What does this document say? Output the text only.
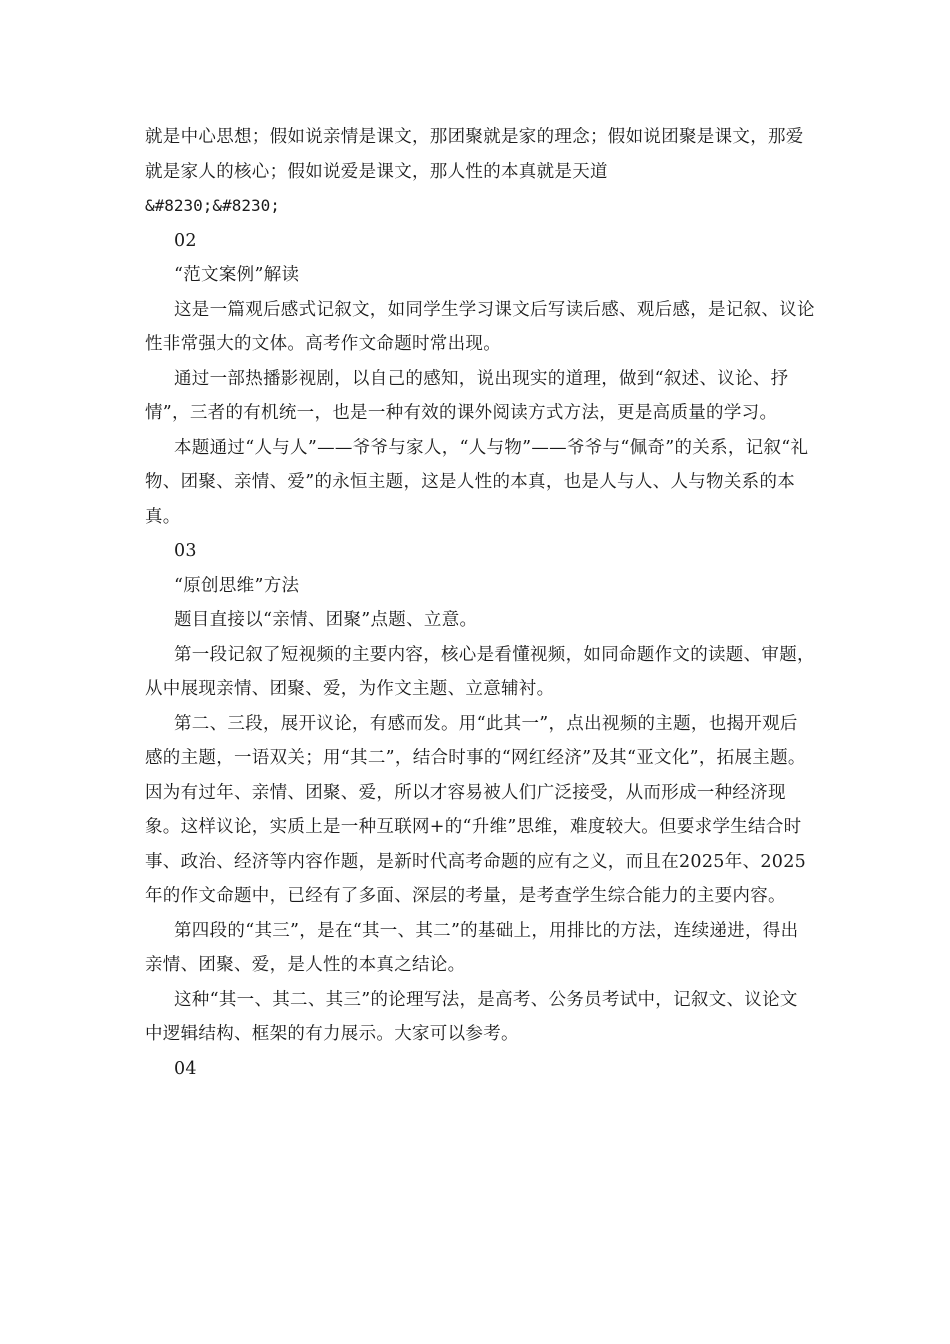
就是中心思想；假如说亲情是课文，那团聚就是家的理念；假如说团聚是课文，那爱就是家人的核心；假如说爱是课文，那人性的本真就是天道

&#8230;&#8230;

02

“范文案例”解读

这是一篇观后感式记叙文，如同学生学习课文后写读后感、观后感，是记叙、议论性非常强大的文体。高考作文命题时常出现。

通过一部热播影视剧，以自己的感知，说出现实的道理，做到“叙述、议论、抒情”，三者的有机统一，也是一种有效的课外阅读方式方法，更是高质量的学习。

本题通过“人与人”——爷爷与家人，“人与物”——爷爷与“佩奇”的关系，记叙“礼物、团聚、亲情、爱”的永恒主题，这是人性的本真，也是人与人、人与物关系的本真。

03

“原创思维”方法

题目直接以“亲情、团聚”点题、立意。

第一段记叙了短视频的主要内容，核心是看懂视频，如同命题作文的读题、审题，从中展现亲情、团聚、爱，为作文主题、立意辅衬。

第二、三段，展开议论，有感而发。用“此其一”，点出视频的主题，也揭开观后感的主题，一语双关；用“其二”，结合时事的“网红经济”及其“亚文化”，拓展主题。因为有过年、亲情、团聚、爱，所以才容易被人们广泛接受，从而形成一种经济现象。这样议论，实质上是一种互联网+的“升维”思维，难度较大。但要求学生结合时事、政治、经济等内容作题，是新时代高考命题的应有之义，而且在2025年、2025年的作文命题中，已经有了多面、深层的考量，是考查学生综合能力的主要内容。

第四段的“其三”，是在“其一、其二”的基础上，用排比的方法，连续递进，得出亲情、团聚、爱，是人性的本真之结论。

这种“其一、其二、其三”的论理写法，是高考、公务员考试中，记叙文、议论文中逻辑结构、框架的有力展示。大家可以参考。

04
